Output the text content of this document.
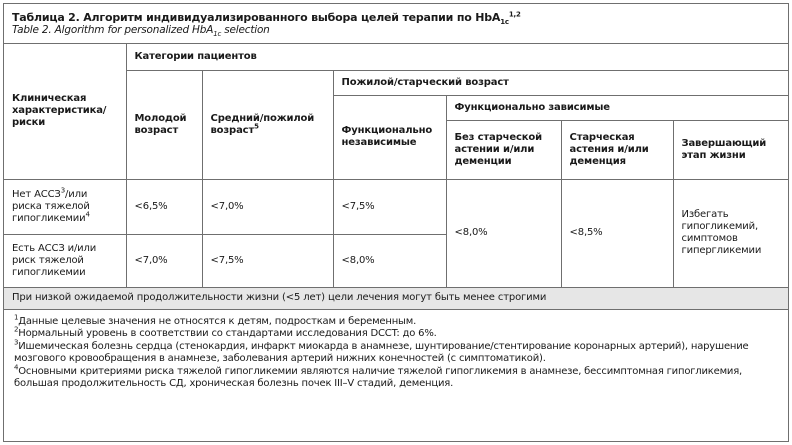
Таблица 2. Алгоритм индивидуализированного выбора целей терапии по HbA$_{1c}^{1,2}$
Table 2. Algorithm for personalized HbA$_{1c}$ selection
Клиническая характеристика/ риски	Категории пациентов					
	Молодой возраст	Средний/пожилой возраст$^5$	Пожилой/старческий возраст			
			Функционально независимые	Функционально зависимые		
				Без старческой астении и/или деменции	Старческая астения и/или деменция	Завершающий этап жизни
Нет АССЗ$^3$/или риска тяжелой гипогликемии$^4$	<6,5%	<7,0%	<7,5%	<8,0%	<8,5%	Избегать гипогликемий, симптомов гипергликемии
Есть АССЗ и/или риск тяжелой гипогликемии	<7,0%	<7,5%	<8,0%			
При низкой ожидаемой продолжительности жизни (<5 лет) цели лечения могут быть менее строгими						
$^1$Данные целевые значения не относятся к детям, подросткам и беременным.
$^2$Нормальный уровень в соответствии со стандартами исследования DCCT: до 6%.
$^3$Ишемическая болезнь сердца (стенокардия, инфаркт миокарда в анамнезе, шунтирование/стентирование коронарных артерий), нарушение
мозгового кровообращения в анамнезе, заболевания артерий нижних конечностей (с симптоматикой).
$^4$Основными критериями риска тяжелой гипогликемии являются наличие тяжелой гипогликемия в анамнезе, бессимптомная гипогликемия,
большая продолжительность СД, хроническая болезнь почек III–V стадий, деменция.
